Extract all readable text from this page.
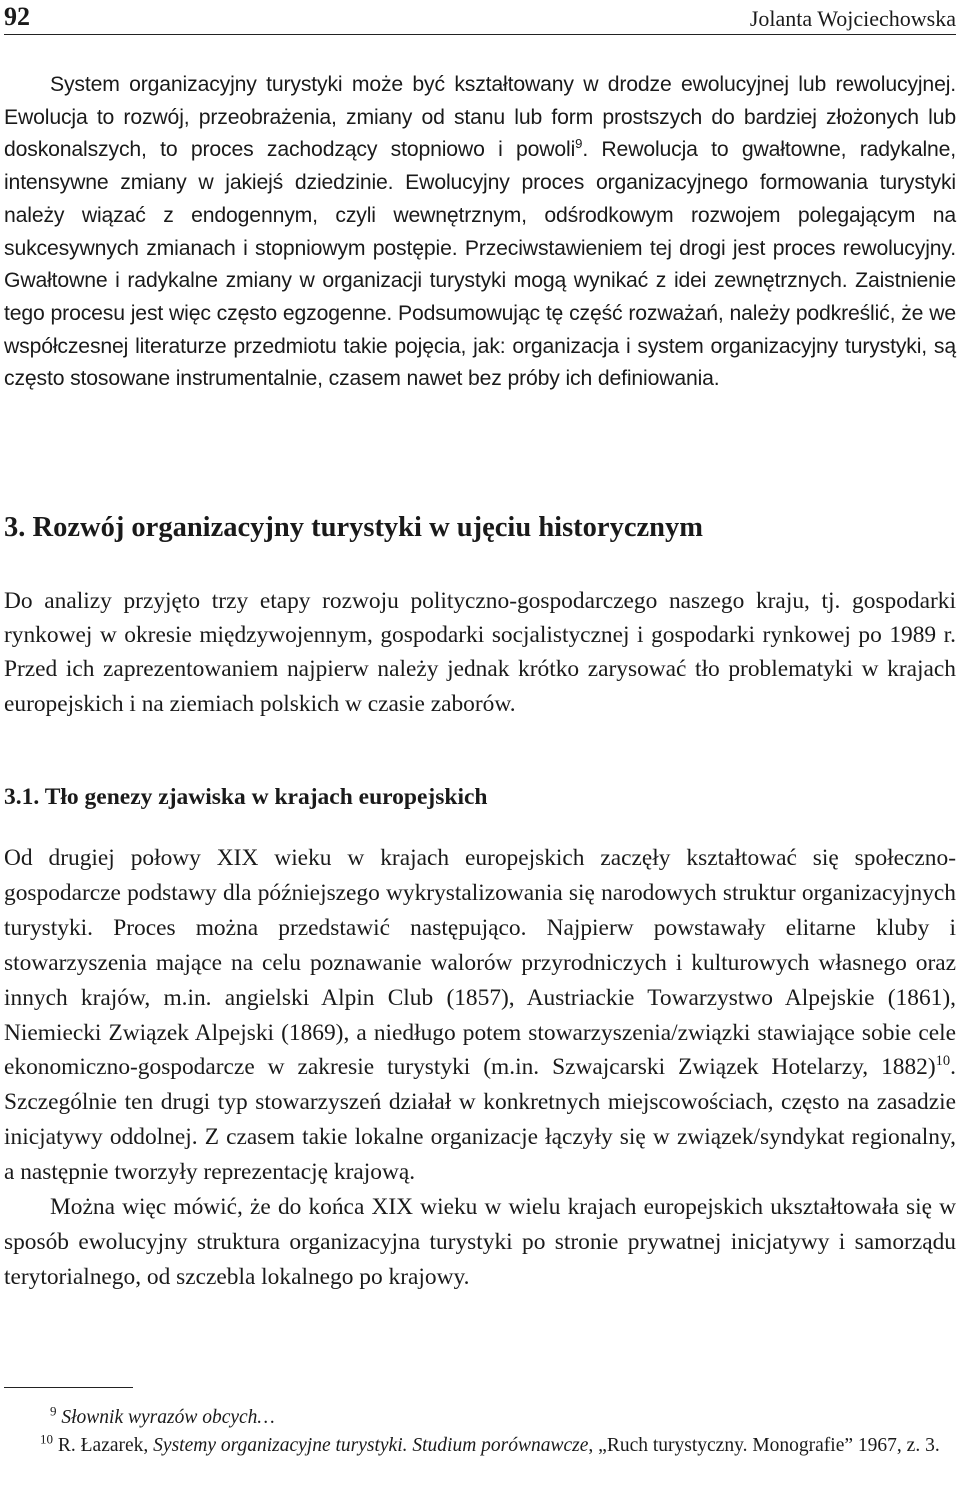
92	Jolanta Wojciechowska

System organizacyjny turystyki może być kształtowany w drodze ewolucyjnej lub rewolucyjnej. Ewolucja to rozwój, przeobrażenia, zmiany od stanu lub form prostszych do bardziej złożonych lub doskonalszych, to proces zachodzący stopniowo i powoli$^9$. Rewolucja to gwałtowne, radykalne, intensywne zmiany w jakiejś dziedzinie. Ewolucyjny proces organizacyjnego formowania turystyki należy wiązać z endogennym, czyli wewnętrznym, odśrodkowym rozwojem polegającym na sukcesywnych zmianach i stopniowym postępie. Przeciwstawieniem tej drogi jest proces rewolucyjny. Gwałtowne i radykalne zmiany w organizacji turystyki mogą wynikać z idei zewnętrznych. Zaistnienie tego procesu jest więc często egzogenne. Podsumowując tę część rozważań, należy podkreślić, że we współczesnej literaturze przedmiotu takie pojęcia, jak: organizacja i system organizacyjny turystyki, są często stosowane instrumentalnie, czasem nawet bez próby ich definiowania.

3. Rozwój organizacyjny turystyki w ujęciu historycznym

Do analizy przyjęto trzy etapy rozwoju polityczno-gospodarczego naszego kraju, tj. gospodarki rynkowej w okresie międzywojennym, gospodarki socjalistycznej i gospodarki rynkowej po 1989 r. Przed ich zaprezentowaniem najpierw należy jednak krótko zarysować tło problematyki w krajach europejskich i na ziemiach polskich w czasie zaborów.

3.1. Tło genezy zjawiska w krajach europejskich

Od drugiej połowy XIX wieku w krajach europejskich zaczęły kształtować się społeczno-gospodarcze podstawy dla późniejszego wykrystalizowania się narodowych struktur organizacyjnych turystyki. Proces można przedstawić następująco. Najpierw powstawały elitarne kluby i stowarzyszenia mające na celu poznawanie walorów przyrodniczych i kulturowych własnego oraz innych krajów, m.in. angielski Alpin Club (1857), Austriackie Towarzystwo Alpejskie (1861), Niemiecki Związek Alpejski (1869), a niedługo potem stowarzyszenia/związki stawiające sobie cele ekonomiczno-gospodarcze w zakresie turystyki (m.in. Szwajcarski Związek Hotelarzy, 1882)$^{10}$. Szczególnie ten drugi typ stowarzyszeń działał w konkretnych miejscowościach, często na zasadzie inicjatywy oddolnej. Z czasem takie lokalne organizacje łączyły się w związek/syndykat regionalny, a następnie tworzyły reprezentację krajową.

Można więc mówić, że do końca XIX wieku w wielu krajach europejskich ukształtowała się w sposób ewolucyjny struktura organizacyjna turystyki po stronie prywatnej inicjatywy i samorządu terytorialnego, od szczebla lokalnego po krajowy.

$^9$ Słownik wyrazów obcych…

$^{10}$ R. Łazarek, Systemy organizacyjne turystyki. Studium porównawcze, „Ruch turystyczny. Monografie” 1967, z. 3.
